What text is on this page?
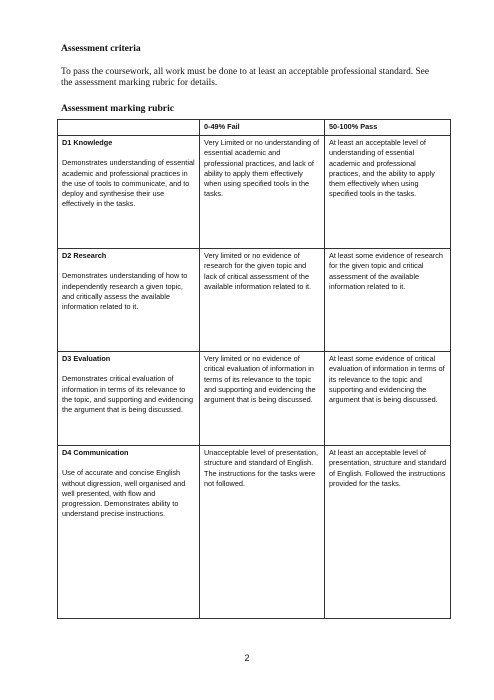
Assessment criteria
To pass the coursework, all work must be done to at least an acceptable professional standard. See the assessment marking rubric for details.
Assessment marking rubric
	0-49% Fail	50-100% Pass

D1 Knowledge
Demonstrates understanding of essential academic and professional practices in the use of tools to communicate, and to deploy and synthesise their use effectively in the tasks.	Very Limited or no understanding of essential academic and professional practices, and lack of ability to apply them effectively when using specified tools in the tasks.	At least an acceptable level of understanding of essential academic and professional practices, and the ability to apply them effectively when using specified tools in the tasks.

D2 Research
Demonstrates understanding of how to independently research a given topic, and critically assess the available information related to it.	Very limited or no evidence of research for the given topic and lack of critical assessment of the available information related to it.	At least some evidence of research for the given topic and critical assessment of the available information related to it.

D3 Evaluation
Demonstrates critical evaluation of information in terms of its relevance to the topic, and supporting and evidencing the argument that is being discussed.	Very limited or no evidence of critical evaluation of information in terms of its relevance to the topic and supporting and evidencing the argument that is being discussed.	At least some evidence of critical evaluation of information in terms of its relevance to the topic and supporting and evidencing the argument that is being discussed.

D4 Communication
Use of accurate and concise English without digression, well organised and well presented, with flow and progression. Demonstrates ability to understand precise instructions.	Unacceptable level of presentation, structure and standard of English. The instructions for the tasks were not followed.	At least an acceptable level of presentation, structure and standard of English. Followed the instructions provided for the tasks.
2
